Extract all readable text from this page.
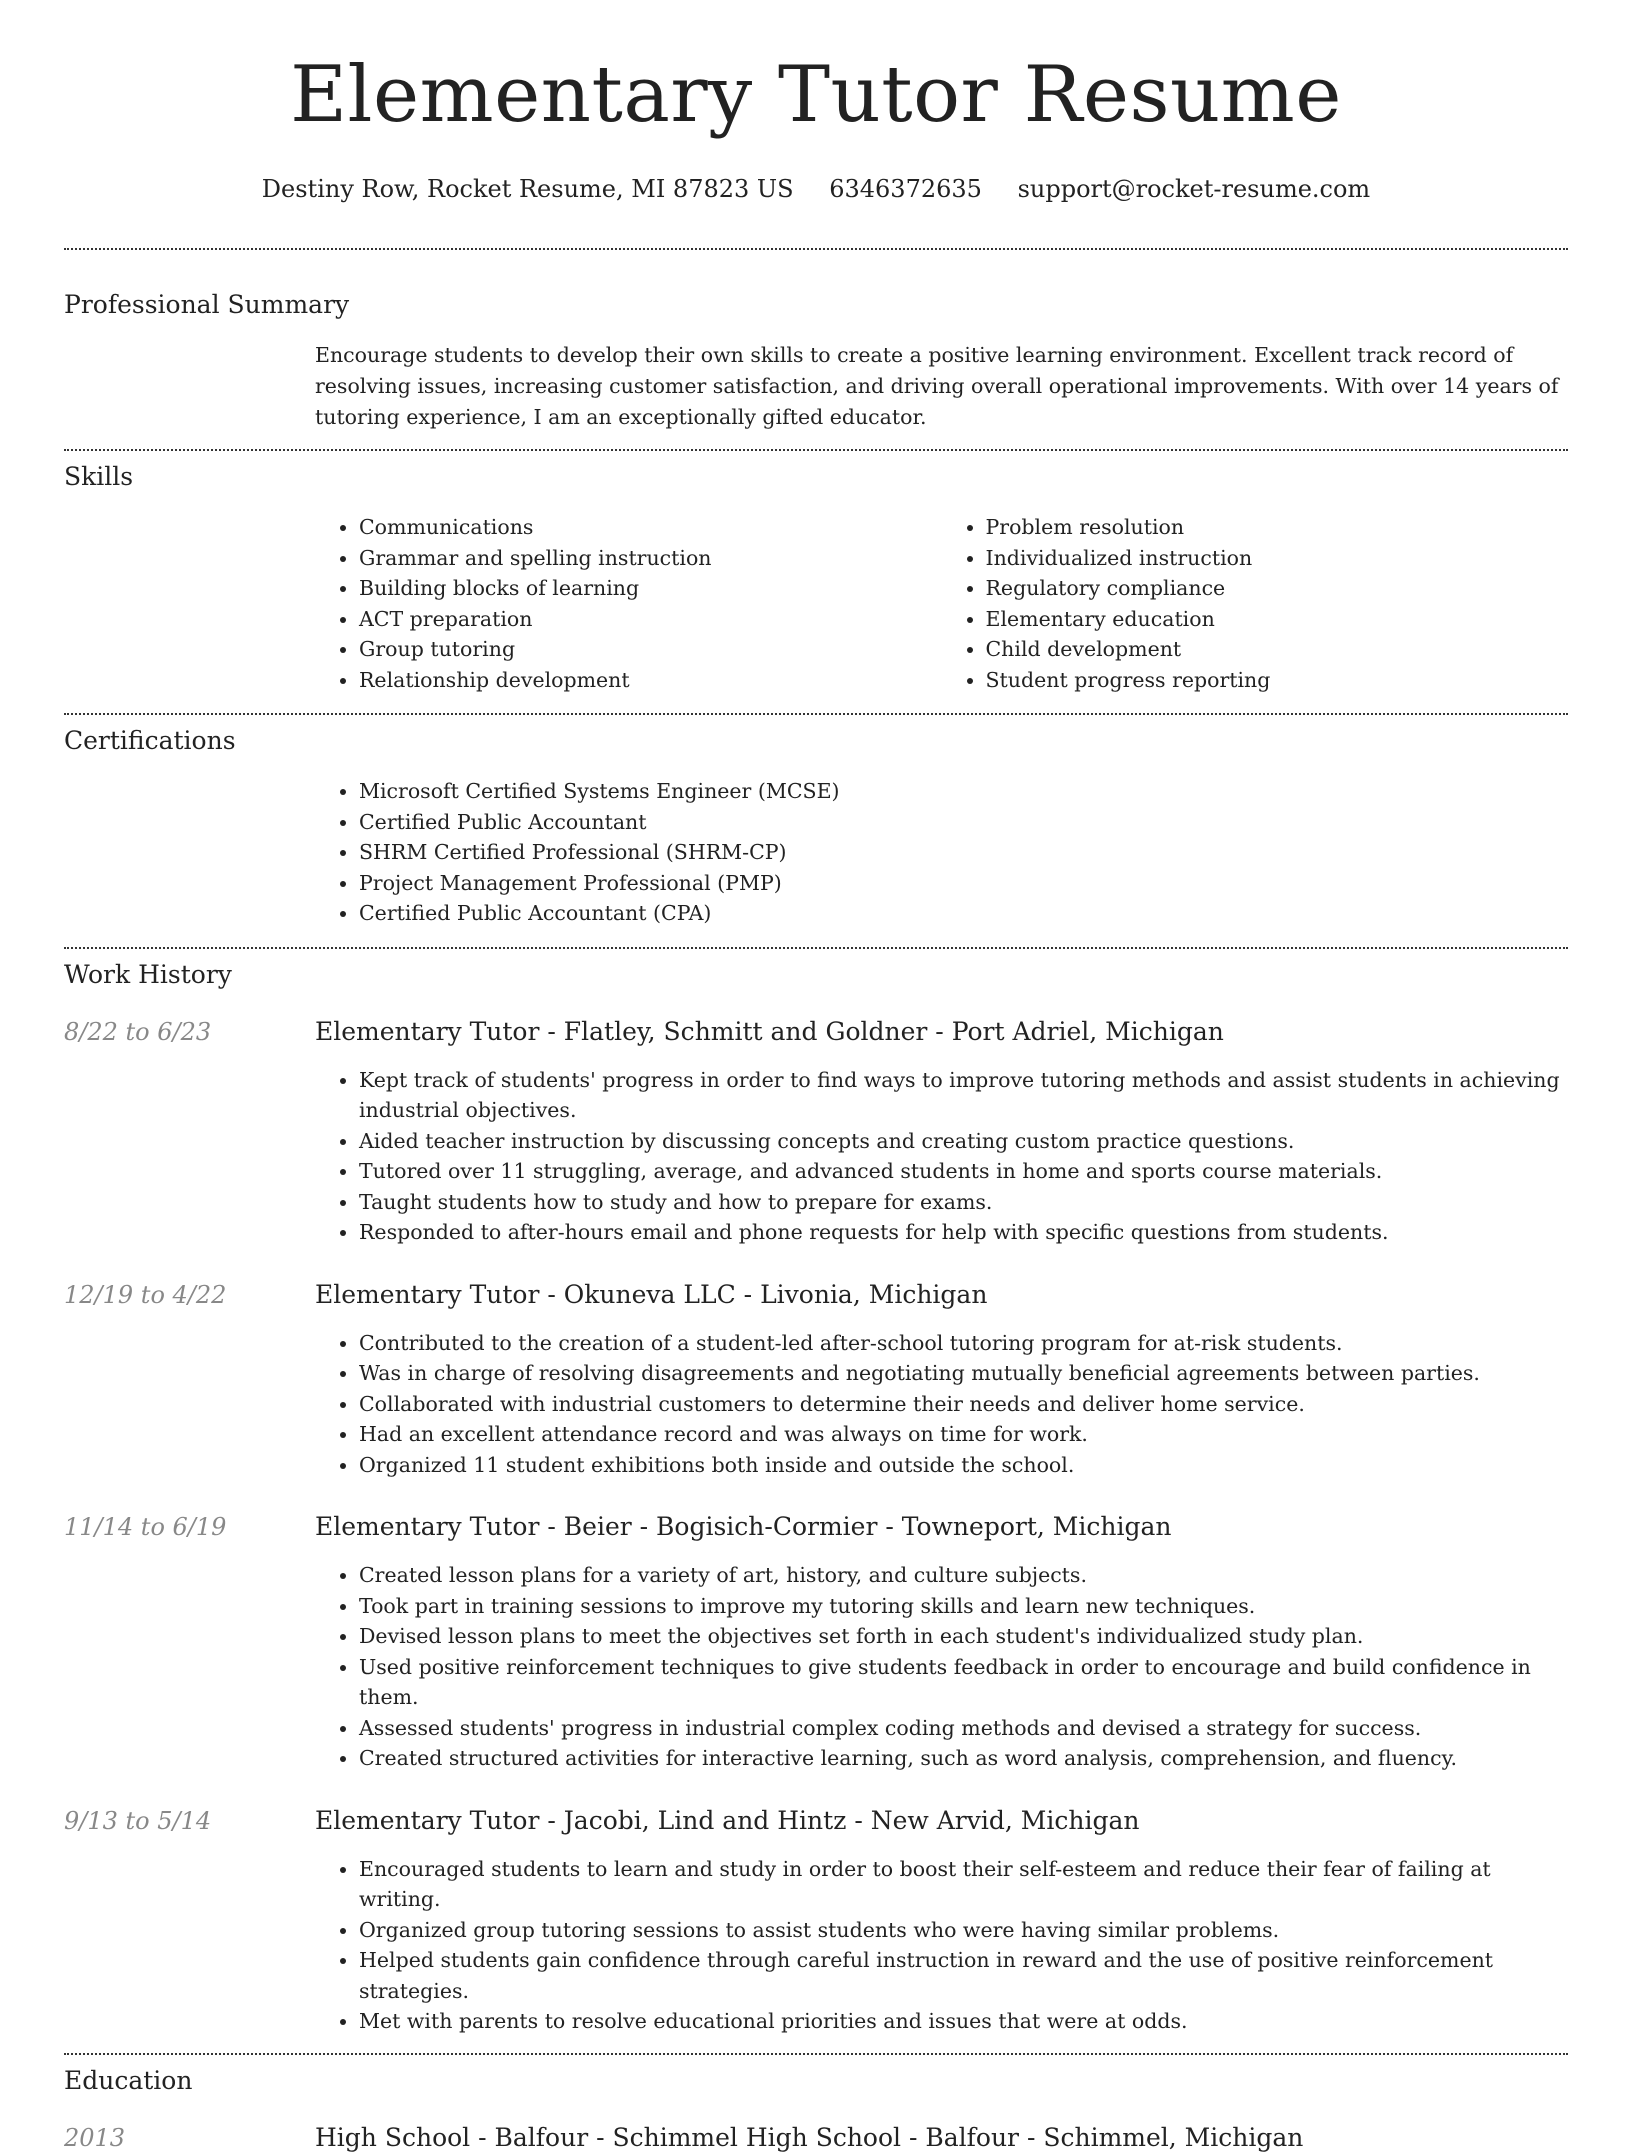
Elementary Tutor Resume
Destiny Row, Rocket Resume, MI 87823 US 6346372635 support@rocket-resume.com
Professional Summary
Encourage students to develop their own skills to create a positive learning environment. Excellent track record of resolving issues, increasing customer satisfaction, and driving overall operational improvements. With over 14 years of tutoring experience, I am an exceptionally gifted educator.
Skills
• Communications
• Grammar and spelling instruction
• Building blocks of learning
• ACT preparation
• Group tutoring
• Relationship development
• Problem resolution
• Individualized instruction
• Regulatory compliance
• Elementary education
• Child development
• Student progress reporting
Certifications
• Microsoft Certified Systems Engineer (MCSE)
• Certified Public Accountant
• SHRM Certified Professional (SHRM-CP)
• Project Management Professional (PMP)
• Certified Public Accountant (CPA)
Work History
8/22 to 6/23	Elementary Tutor - Flatley, Schmitt and Goldner - Port Adriel, Michigan
• Kept track of students' progress in order to find ways to improve tutoring methods and assist students in achieving industrial objectives.
• Aided teacher instruction by discussing concepts and creating custom practice questions.
• Tutored over 11 struggling, average, and advanced students in home and sports course materials.
• Taught students how to study and how to prepare for exams.
• Responded to after-hours email and phone requests for help with specific questions from students.
12/19 to 4/22	Elementary Tutor - Okuneva LLC - Livonia, Michigan
• Contributed to the creation of a student-led after-school tutoring program for at-risk students.
• Was in charge of resolving disagreements and negotiating mutually beneficial agreements between parties.
• Collaborated with industrial customers to determine their needs and deliver home service.
• Had an excellent attendance record and was always on time for work.
• Organized 11 student exhibitions both inside and outside the school.
11/14 to 6/19	Elementary Tutor - Beier - Bogisich-Cormier - Towneport, Michigan
• Created lesson plans for a variety of art, history, and culture subjects.
• Took part in training sessions to improve my tutoring skills and learn new techniques.
• Devised lesson plans to meet the objectives set forth in each student's individualized study plan.
• Used positive reinforcement techniques to give students feedback in order to encourage and build confidence in them.
• Assessed students' progress in industrial complex coding methods and devised a strategy for success.
• Created structured activities for interactive learning, such as word analysis, comprehension, and fluency.
9/13 to 5/14	Elementary Tutor - Jacobi, Lind and Hintz - New Arvid, Michigan
• Encouraged students to learn and study in order to boost their self-esteem and reduce their fear of failing at writing.
• Organized group tutoring sessions to assist students who were having similar problems.
• Helped students gain confidence through careful instruction in reward and the use of positive reinforcement strategies.
• Met with parents to resolve educational priorities and issues that were at odds.
Education
2013	High School - Balfour - Schimmel High School - Balfour - Schimmel, Michigan
